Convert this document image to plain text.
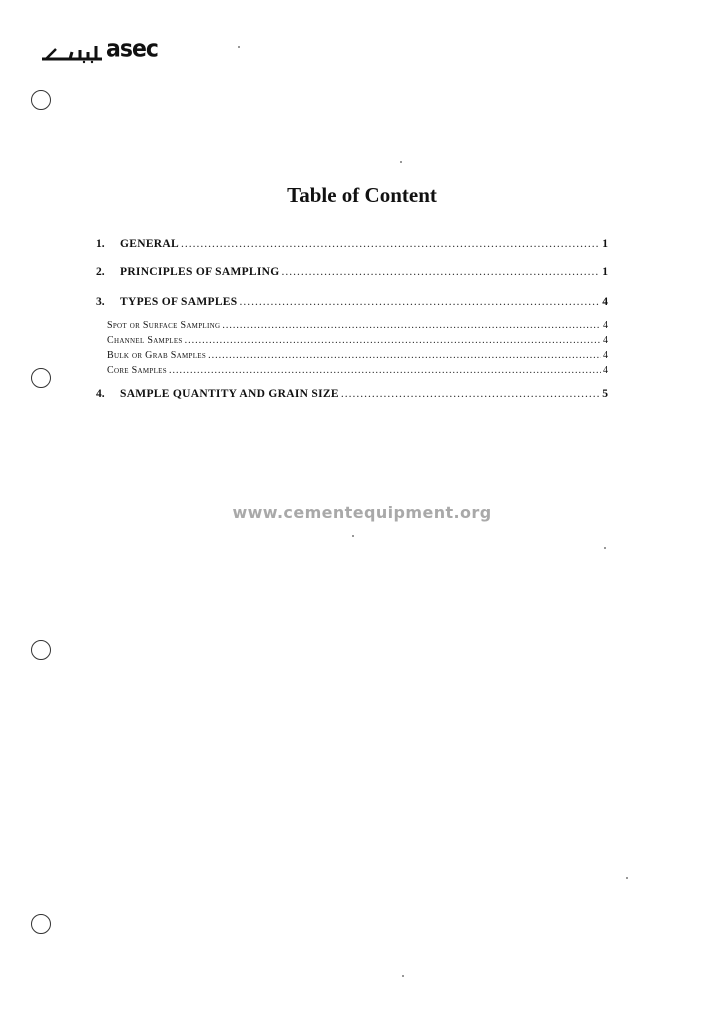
asec
Table of Content
1.	GENERAL .....	1
2.	PRINCIPLES OF SAMPLING .....	1
3.	TYPES OF SAMPLES .....	4
Spot or Surface Sampling .....	4
Channel Samples .....	4
Bulk or Grab Samples .....	4
Core Samples .....	4
4.	SAMPLE QUANTITY AND GRAIN SIZE .....	5
www.cementequipment.org
